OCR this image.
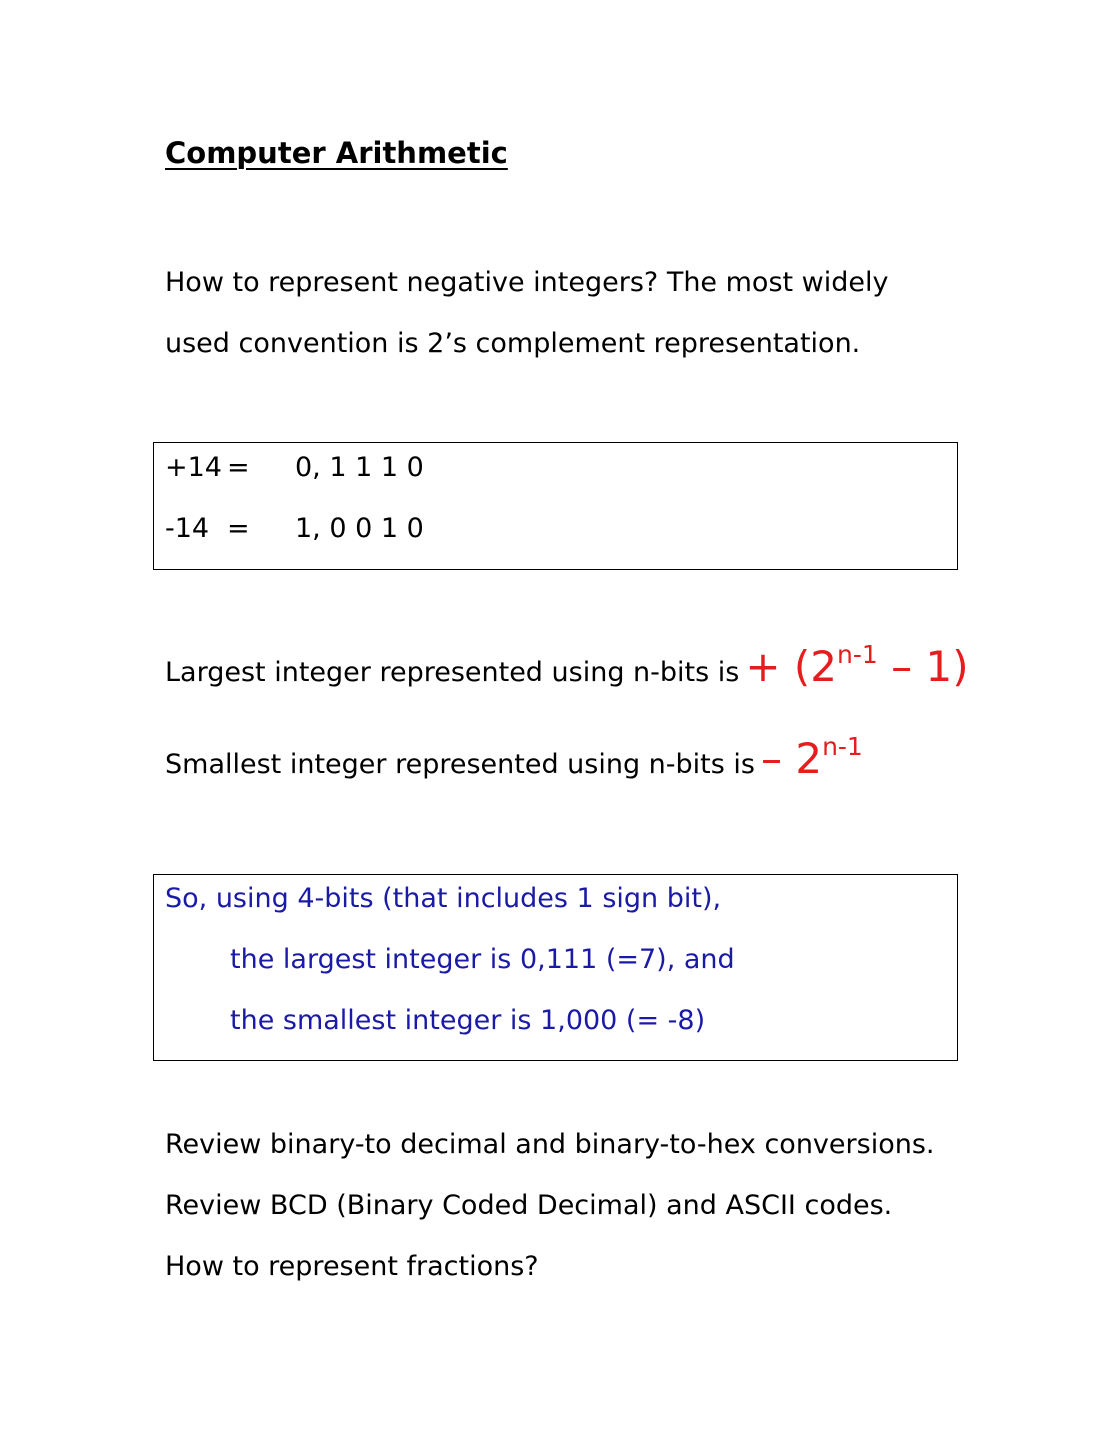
Computer Arithmetic
How to represent negative integers? The most widely
used convention is 2’s complement representation.
+14 = 0, 1 1 1 0
-14 = 1, 0 0 1 0
Largest integer represented using n-bits is + $(2^{n-1} - 1)$
Smallest integer represented using n-bits is – 2$^{n-1}$
So, using 4-bits (that includes 1 sign bit),
the largest integer is 0,111 (=7), and
the smallest integer is 1,000 (= -8)
Review binary-to decimal and binary-to-hex conversions.
Review BCD (Binary Coded Decimal) and ASCII codes.
How to represent fractions?
